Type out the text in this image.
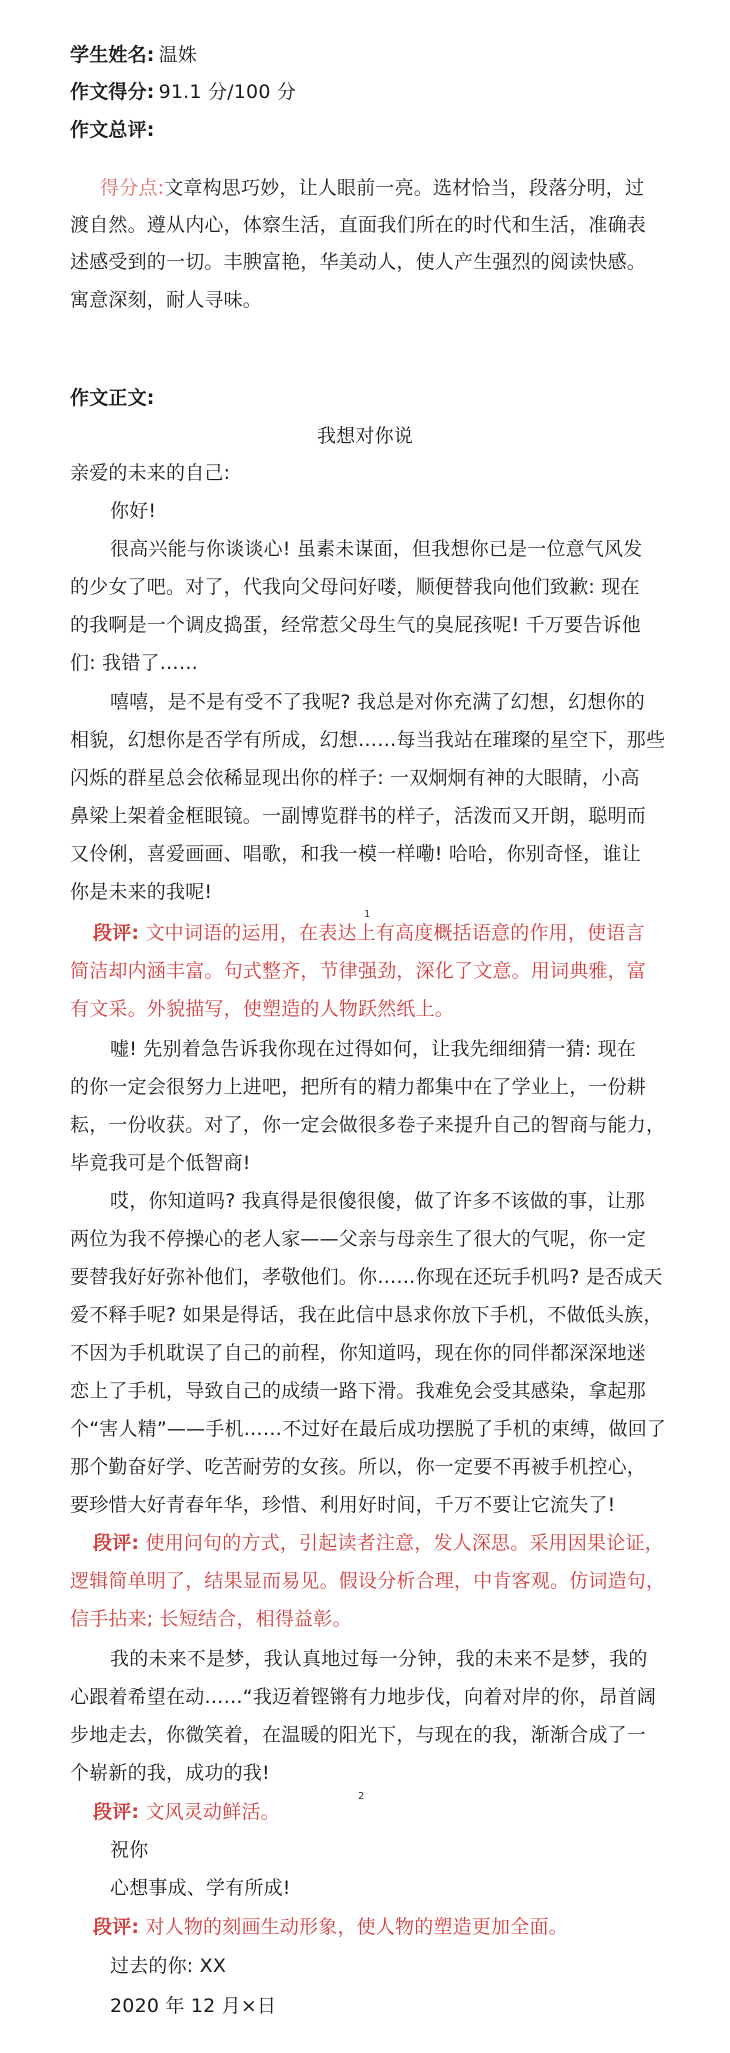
学生姓名: 温姝
作文得分: 91.1 分/100 分
作文总评:
得分点:文章构思巧妙，让人眼前一亮。选材恰当，段落分明，过
渡自然。遵从内心，体察生活，直面我们所在的时代和生活，准确表
述感受到的一切。丰腴富艳，华美动人，使人产生强烈的阅读快感。
寓意深刻，耐人寻味。
作文正文:
我想对你说
亲爱的未来的自己:
你好!
很高兴能与你谈谈心! 虽素未谋面，但我想你已是一位意气风发
的少女了吧。对了，代我向父母问好喽，顺便替我向他们致歉: 现在
的我啊是一个调皮捣蛋，经常惹父母生气的臭屁孩呢! 千万要告诉他
们: 我错了……
嘻嘻，是不是有受不了我呢? 我总是对你充满了幻想，幻想你的
相貌，幻想你是否学有所成，幻想……每当我站在璀璨的星空下，那些
闪烁的群星总会依稀显现出你的样子: 一双炯炯有神的大眼睛，小高
鼻梁上架着金框眼镜。一副博览群书的样子，活泼而又开朗，聪明而
又伶俐，喜爱画画、唱歌，和我一模一样嘞! 哈哈，你别奇怪，谁让
你是未来的我呢!
1
段评: 文中词语的运用，在表达上有高度概括语意的作用，使语言
简洁却内涵丰富。句式整齐，节律强劲，深化了文意。用词典雅，富
有文采。外貌描写，使塑造的人物跃然纸上。
嘘! 先别着急告诉我你现在过得如何，让我先细细猜一猜: 现在
的你一定会很努力上进吧，把所有的精力都集中在了学业上，一份耕
耘，一份收获。对了，你一定会做很多卷子来提升自己的智商与能力，
毕竟我可是个低智商!
哎，你知道吗? 我真得是很傻很傻，做了许多不该做的事，让那
两位为我不停操心的老人家——父亲与母亲生了很大的气呢，你一定
要替我好好弥补他们，孝敬他们。你……你现在还玩手机吗? 是否成天
爱不释手呢? 如果是得话，我在此信中恳求你放下手机，不做低头族，
不因为手机耽误了自己的前程，你知道吗，现在你的同伴都深深地迷
恋上了手机，导致自己的成绩一路下滑。我难免会受其感染，拿起那
个“害人精”——手机……不过好在最后成功摆脱了手机的束缚，做回了
那个勤奋好学、吃苦耐劳的女孩。所以，你一定要不再被手机控心，
要珍惜大好青春年华，珍惜、利用好时间，千万不要让它流失了!
段评: 使用问句的方式，引起读者注意，发人深思。采用因果论证，
逻辑简单明了，结果显而易见。假设分析合理，中肯客观。仿词造句，
信手拈来; 长短结合，相得益彰。
我的未来不是梦，我认真地过每一分钟，我的未来不是梦，我的
心跟着希望在动……“我迈着铿锵有力地步伐，向着对岸的你，昂首阔
步地走去，你微笑着，在温暖的阳光下，与现在的我，渐渐合成了一
个崭新的我，成功的我!
段评: 文风灵动鲜活。
2
祝你
心想事成、学有所成!
段评: 对人物的刻画生动形象，使人物的塑造更加全面。
过去的你: XX
2020 年 12 月×日
